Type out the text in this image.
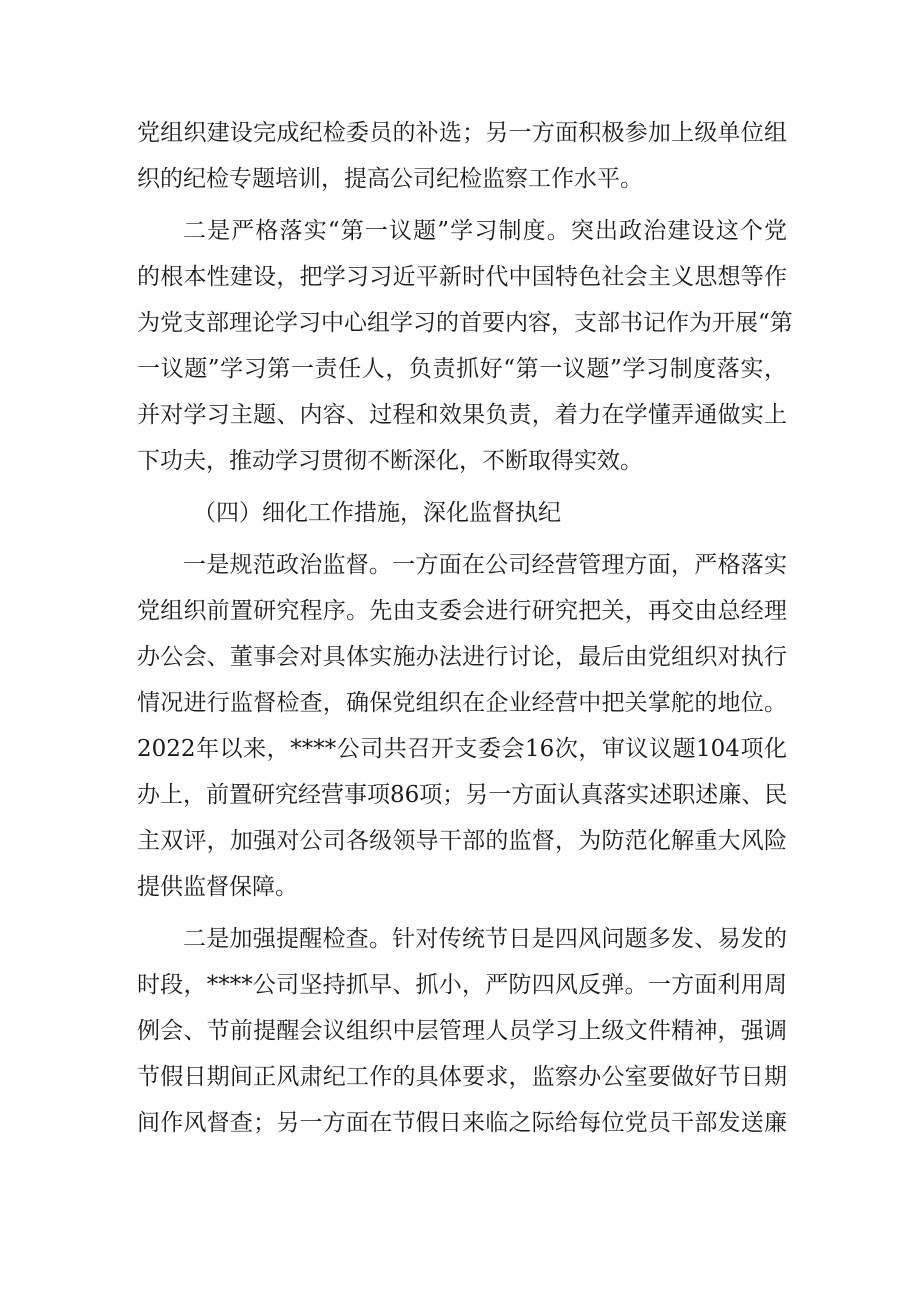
党组织建设完成纪检委员的补选；另一方面积极参加上级单位组
织的纪检专题培训，提高公司纪检监察工作水平。
二是严格落实“第一议题”学习制度。突出政治建设这个党
的根本性建设，把学习习近平新时代中国特色社会主义思想等作
为党支部理论学习中心组学习的首要内容，支部书记作为开展“第
一议题”学习第一责任人，负责抓好“第一议题”学习制度落实，
并对学习主题、内容、过程和效果负责，着力在学懂弄通做实上
下功夫，推动学习贯彻不断深化，不断取得实效。
（四）细化工作措施，深化监督执纪
一是规范政治监督。一方面在公司经营管理方面，严格落实
党组织前置研究程序。先由支委会进行研究把关，再交由总经理
办公会、董事会对具体实施办法进行讨论，最后由党组织对执行
情况进行监督检查，确保党组织在企业经营中把关掌舵的地位。
2022年以来，****公司共召开支委会16次，审议议题104项化
办上，前置研究经营事项86项；另一方面认真落实述职述廉、民
主双评，加强对公司各级领导干部的监督，为防范化解重大风险
提供监督保障。
二是加强提醒检查。针对传统节日是四风问题多发、易发的
时段，****公司坚持抓早、抓小，严防四风反弹。一方面利用周
例会、节前提醒会议组织中层管理人员学习上级文件精神，强调
节假日期间正风肃纪工作的具体要求，监察办公室要做好节日期
间作风督查；另一方面在节假日来临之际给每位党员干部发送廉
